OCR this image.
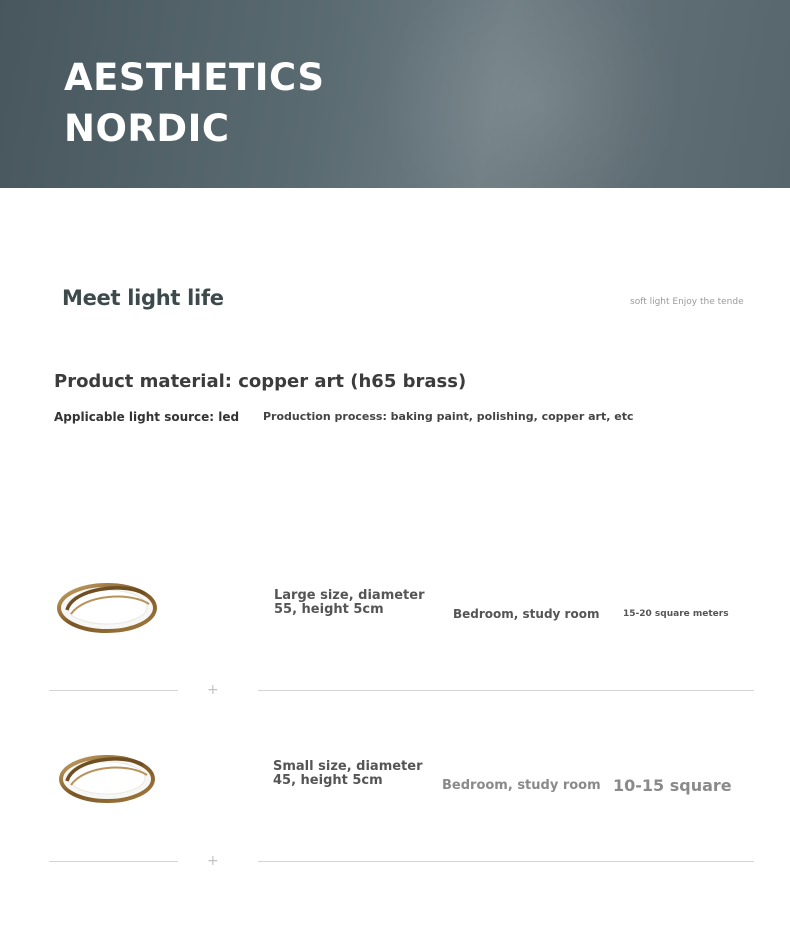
AESTHETICS
NORDIC
Meet light life	soft light Enjoy the tende
Product material: copper art (h65 brass)
Applicable light source: led Production process: baking paint, polishing, copper art, etc
Large size, diameter
55, height 5cm	Bedroom, study room	15-20 square meters
+
Small size, diameter
45, height 5cm	Bedroom, study room 10-15 square
+
